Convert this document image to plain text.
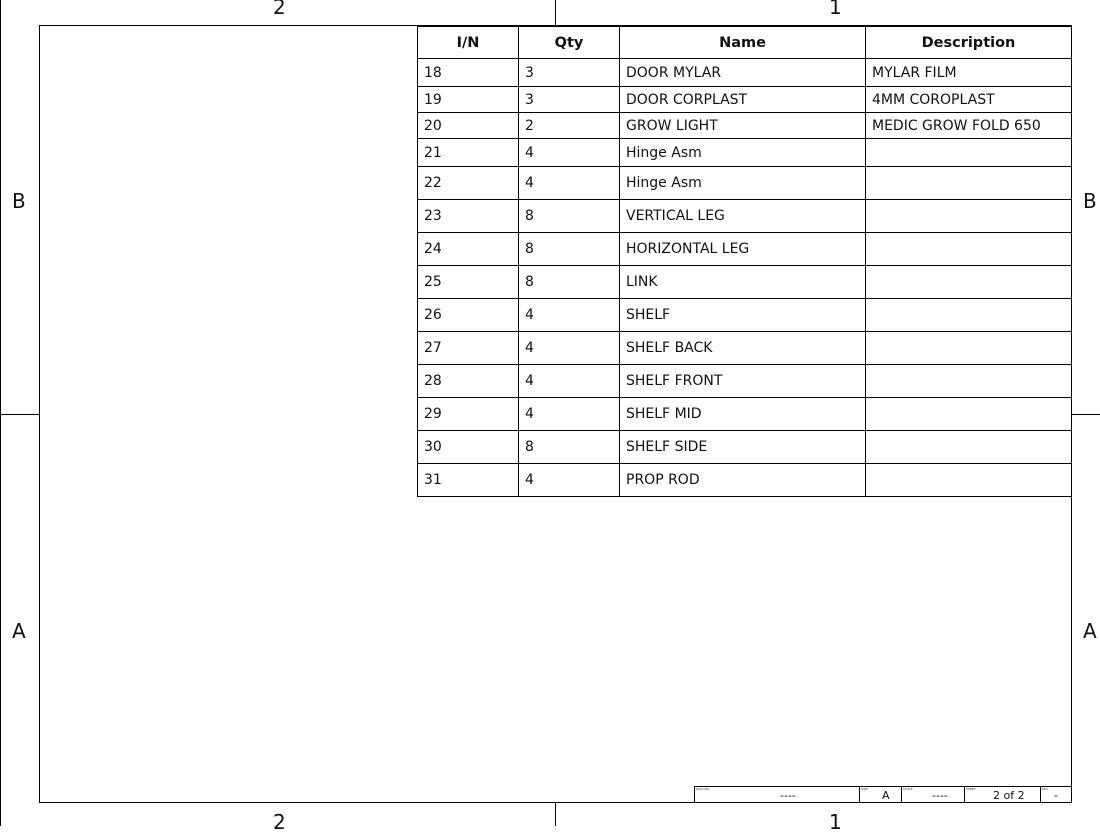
2	1
2	1
B
A
B
A
I/N	Qty	Name	Description
18	3	DOOR MYLAR	MYLAR FILM
19	3	DOOR CORPLAST	4MM COROPLAST
20	2	GROW LIGHT	MEDIC GROW FOLD 650
21	4	Hinge Asm	
22	4	Hinge Asm	
23	8	VERTICAL LEG	
24	8	HORIZONTAL LEG	
25	8	LINK	
26	4	SHELF	
27	4	SHELF BACK	
28	4	SHELF FRONT	
29	4	SHELF MID	
30	8	SHELF SIDE	
31	4	PROP ROD	
DWG NO.	----	SIZE A	SCALE ----	SHEET 2 of 2	REV -
